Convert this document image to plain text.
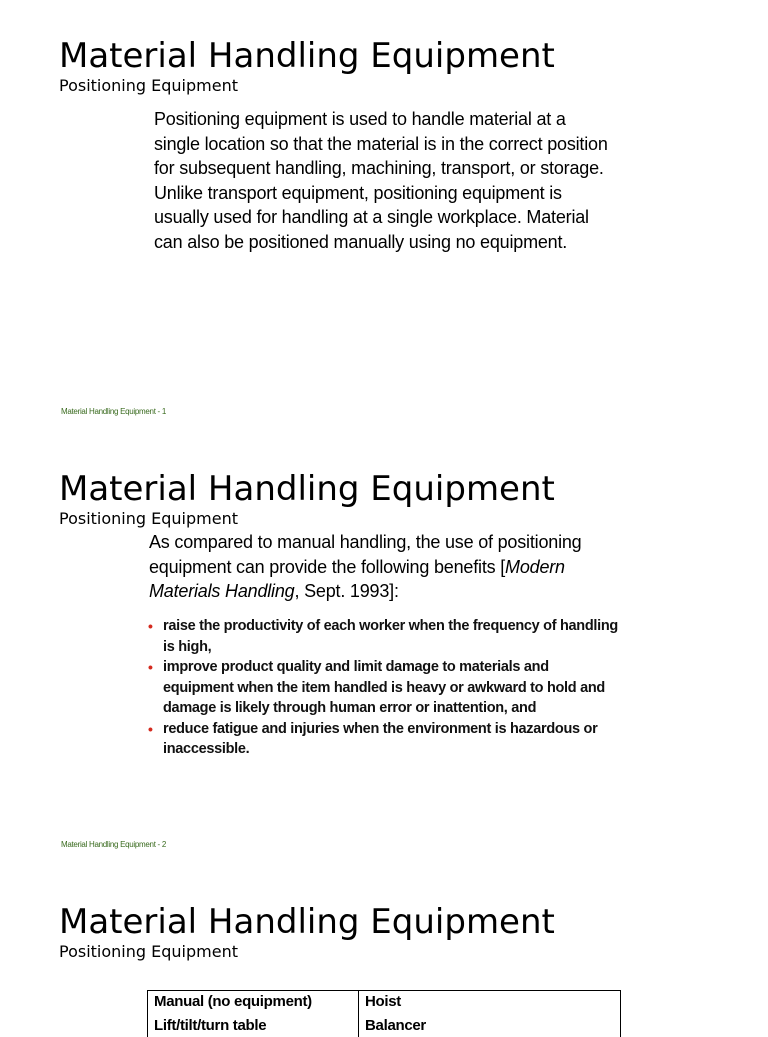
Material Handling Equipment
Positioning Equipment

Positioning equipment is used to handle material at a single location so that the material is in the correct position for subsequent handling, machining, transport, or storage. Unlike transport equipment, positioning equipment is usually used for handling at a single workplace. Material can also be positioned manually using no equipment.

Material Handling Equipment - 1
Material Handling Equipment
Positioning Equipment

As compared to manual handling, the use of positioning equipment can provide the following benefits [Modern Materials Handling, Sept. 1993]:

• raise the productivity of each worker when the frequency of handling is high,
• improve product quality and limit damage to materials and equipment when the item handled is heavy or awkward to hold and damage is likely through human error or inattention, and
• reduce fatigue and injuries when the environment is hazardous or inaccessible.
Material Handling Equipment - 2
Material Handling Equipment
Positioning Equipment
Manual (no equipment)	Hoist
Lift/tilt/turn table	Balancer
